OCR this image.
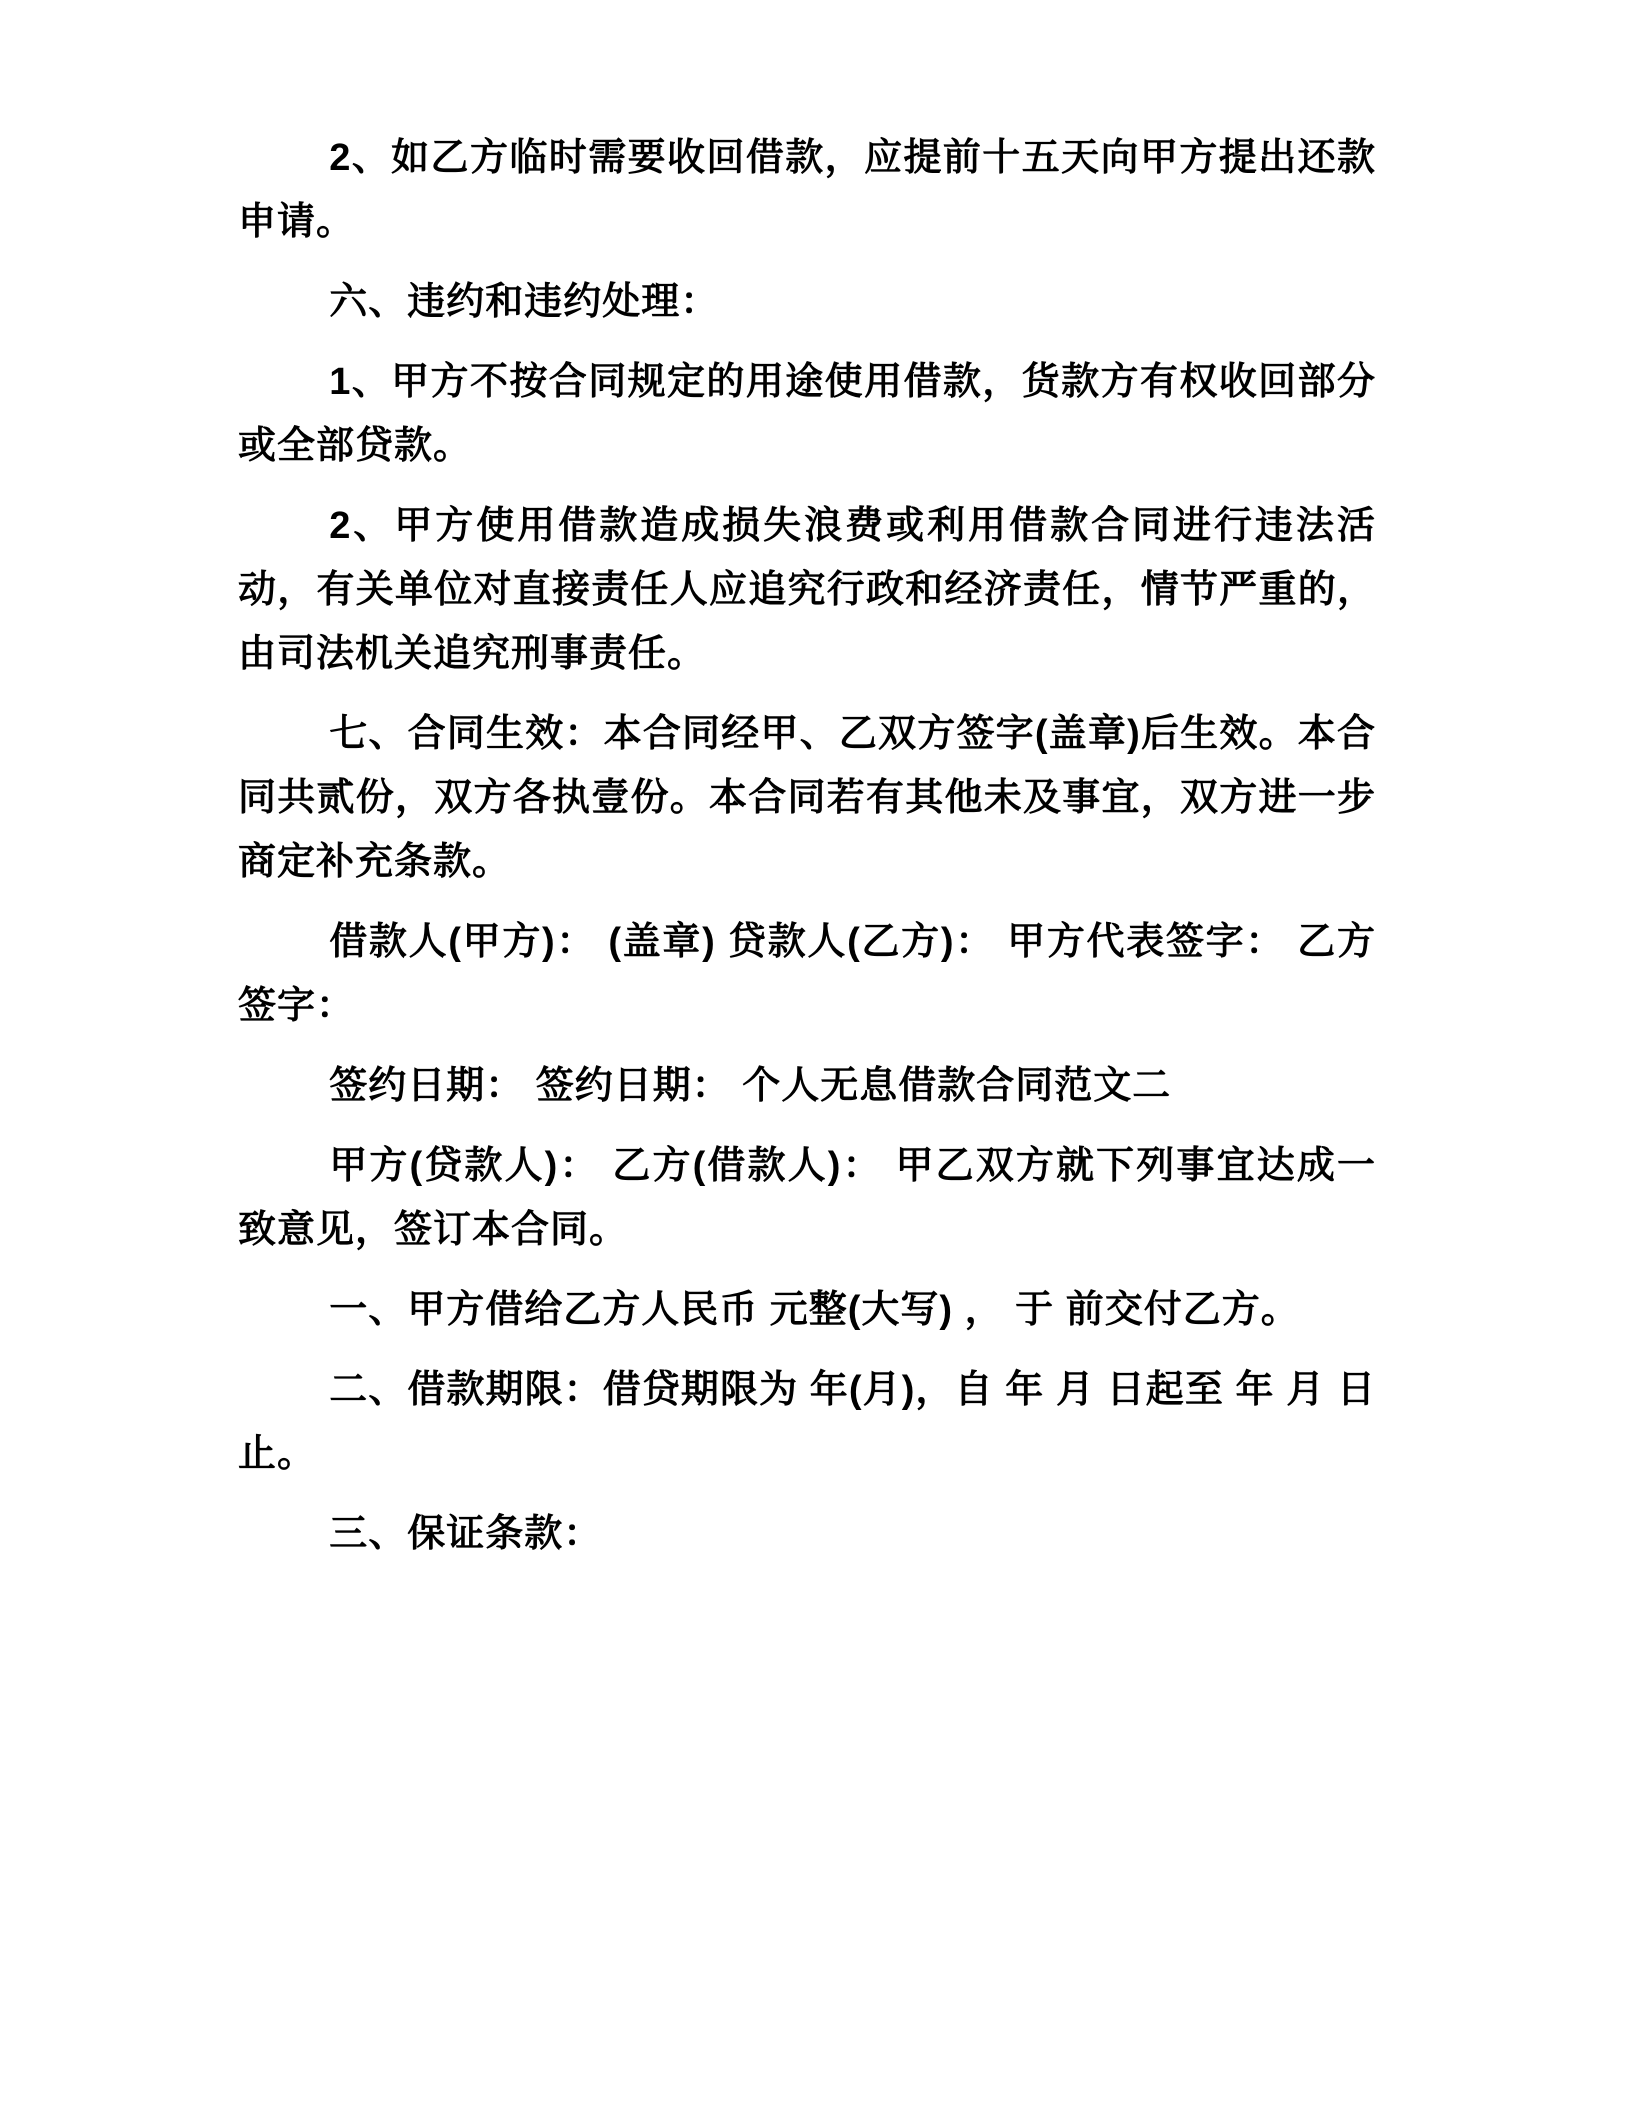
2、如乙方临时需要收回借款，应提前十五天向甲方提出还款申请。

六、违约和违约处理：

1、甲方不按合同规定的用途使用借款，货款方有权收回部分或全部贷款。

2、甲方使用借款造成损失浪费或利用借款合同进行违法活动，有关单位对直接责任人应追究行政和经济责任，情节严重的，由司法机关追究刑事责任。

七、合同生效：本合同经甲、乙双方签字(盖章)后生效。本合同共贰份，双方各执壹份。本合同若有其他未及事宜，双方进一步商定补充条款。

借款人(甲方)： (盖章) 贷款人(乙方)： 甲方代表签字： 乙方签字：

签约日期： 签约日期： 个人无息借款合同范文二

甲方(贷款人)： 乙方(借款人)： 甲乙双方就下列事宜达成一致意见，签订本合同。

一、甲方借给乙方人民币 元整(大写) ， 于 前交付乙方。

二、借款期限：借贷期限为 年(月)，自 年 月 日起至 年 月 日止。

三、保证条款：
